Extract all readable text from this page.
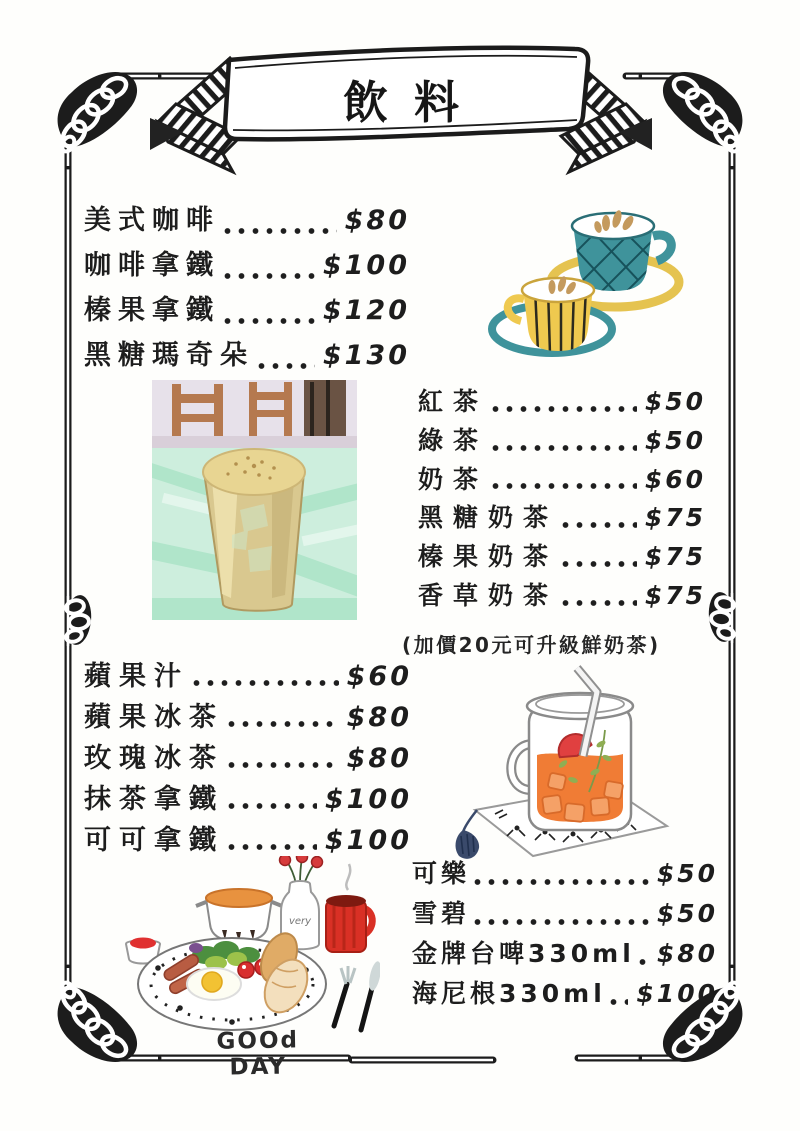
飲料
美式咖啡	$80
咖啡拿鐵	$100
榛果拿鐵	$120
黑糖瑪奇朵	$130
紅茶	$50
綠茶	$50
奶茶	$60
黑糖奶茶	$75
榛果奶茶	$75
香草奶茶	$75
(加價20元可升級鮮奶茶)
蘋果汁	$60
蘋果冰茶	$80
玫瑰冰茶	$80
抹茶拿鐵	$100
可可拿鐵	$100
可樂	$50
雪碧	$50
金牌台啤330ml $80
海尼根330ml $100
very
GOOd DAY
